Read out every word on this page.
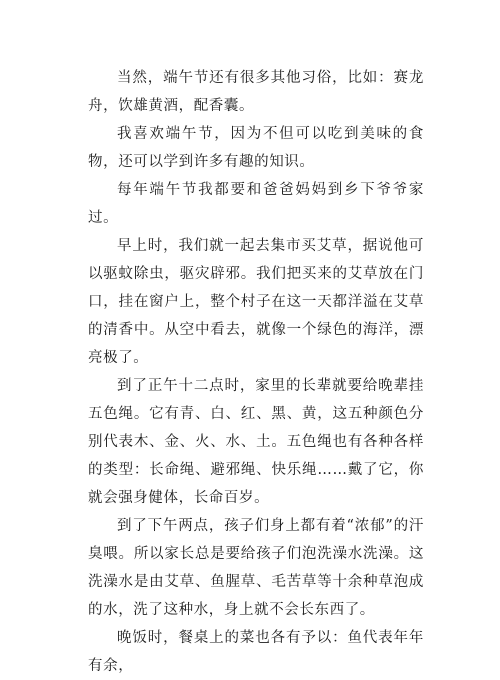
当然，端午节还有很多其他习俗，比如：赛龙舟，饮雄黄酒，配香囊。

我喜欢端午节，因为不但可以吃到美味的食物，还可以学到许多有趣的知识。

每年端午节我都要和爸爸妈妈到乡下爷爷家过。

早上时，我们就一起去集市买艾草，据说他可以驱蚊除虫，驱灾辟邪。我们把买来的艾草放在门口，挂在窗户上，整个村子在这一天都洋溢在艾草的清香中。从空中看去，就像一个绿色的海洋，漂亮极了。

到了正午十二点时，家里的长辈就要给晚辈挂五色绳。它有青、白、红、黑、黄，这五种颜色分别代表木、金、火、水、土。五色绳也有各种各样的类型：长命绳、避邪绳、快乐绳……戴了它，你就会强身健体，长命百岁。

到了下午两点，孩子们身上都有着“浓郁”的汗臭喂。所以家长总是要给孩子们泡洗澡水洗澡。这洗澡水是由艾草、鱼腥草、毛苦草等十余种草泡成的水，洗了这种水，身上就不会长东西了。

晚饭时，餐桌上的菜也各有予以：鱼代表年年有余，
